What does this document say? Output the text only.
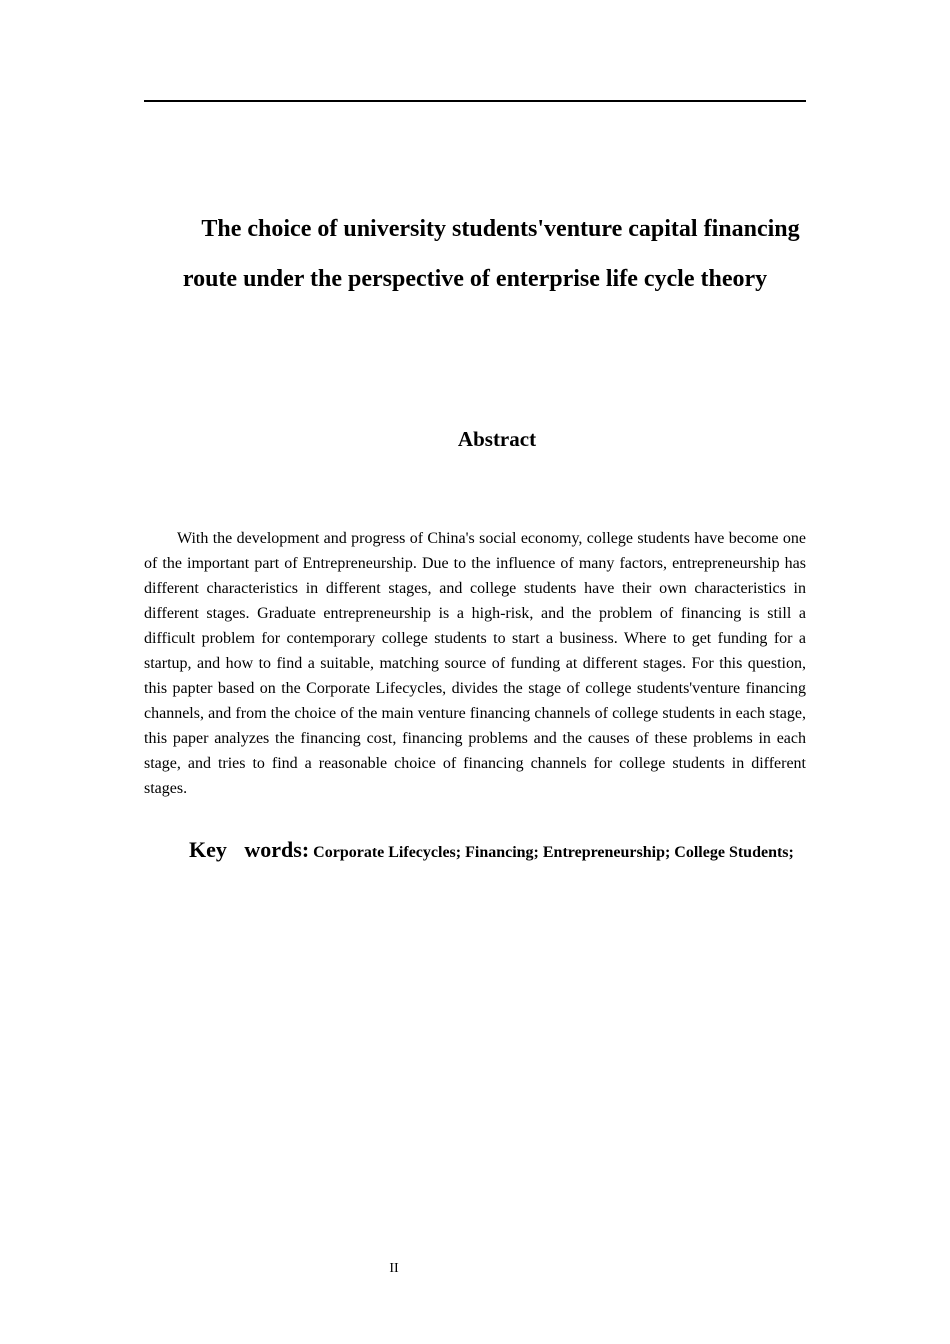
The choice of university students'venture capital financing route under the perspective of enterprise life cycle theory
Abstract

With the development and progress of China's social economy, college students have become one of the important part of Entrepreneurship. Due to the influence of many factors, entrepreneurship has different characteristics in different stages, and college students have their own characteristics in different stages. Graduate entrepreneurship is a high-risk, and the problem of financing is still a difficult problem for contemporary college students to start a business. Where to get funding for a startup, and how to find a suitable, matching source of funding at different stages. For this question, this papter based on the Corporate Lifecycles, divides the stage of college students'venture financing channels, and from the choice of the main venture financing channels of college students in each stage, this paper analyzes the financing cost, financing problems and the causes of these problems in each stage, and tries to find a reasonable choice of financing channels for college students in different stages.

Key words: Corporate Lifecycles; Financing; Entrepreneurship; College Students;

II
